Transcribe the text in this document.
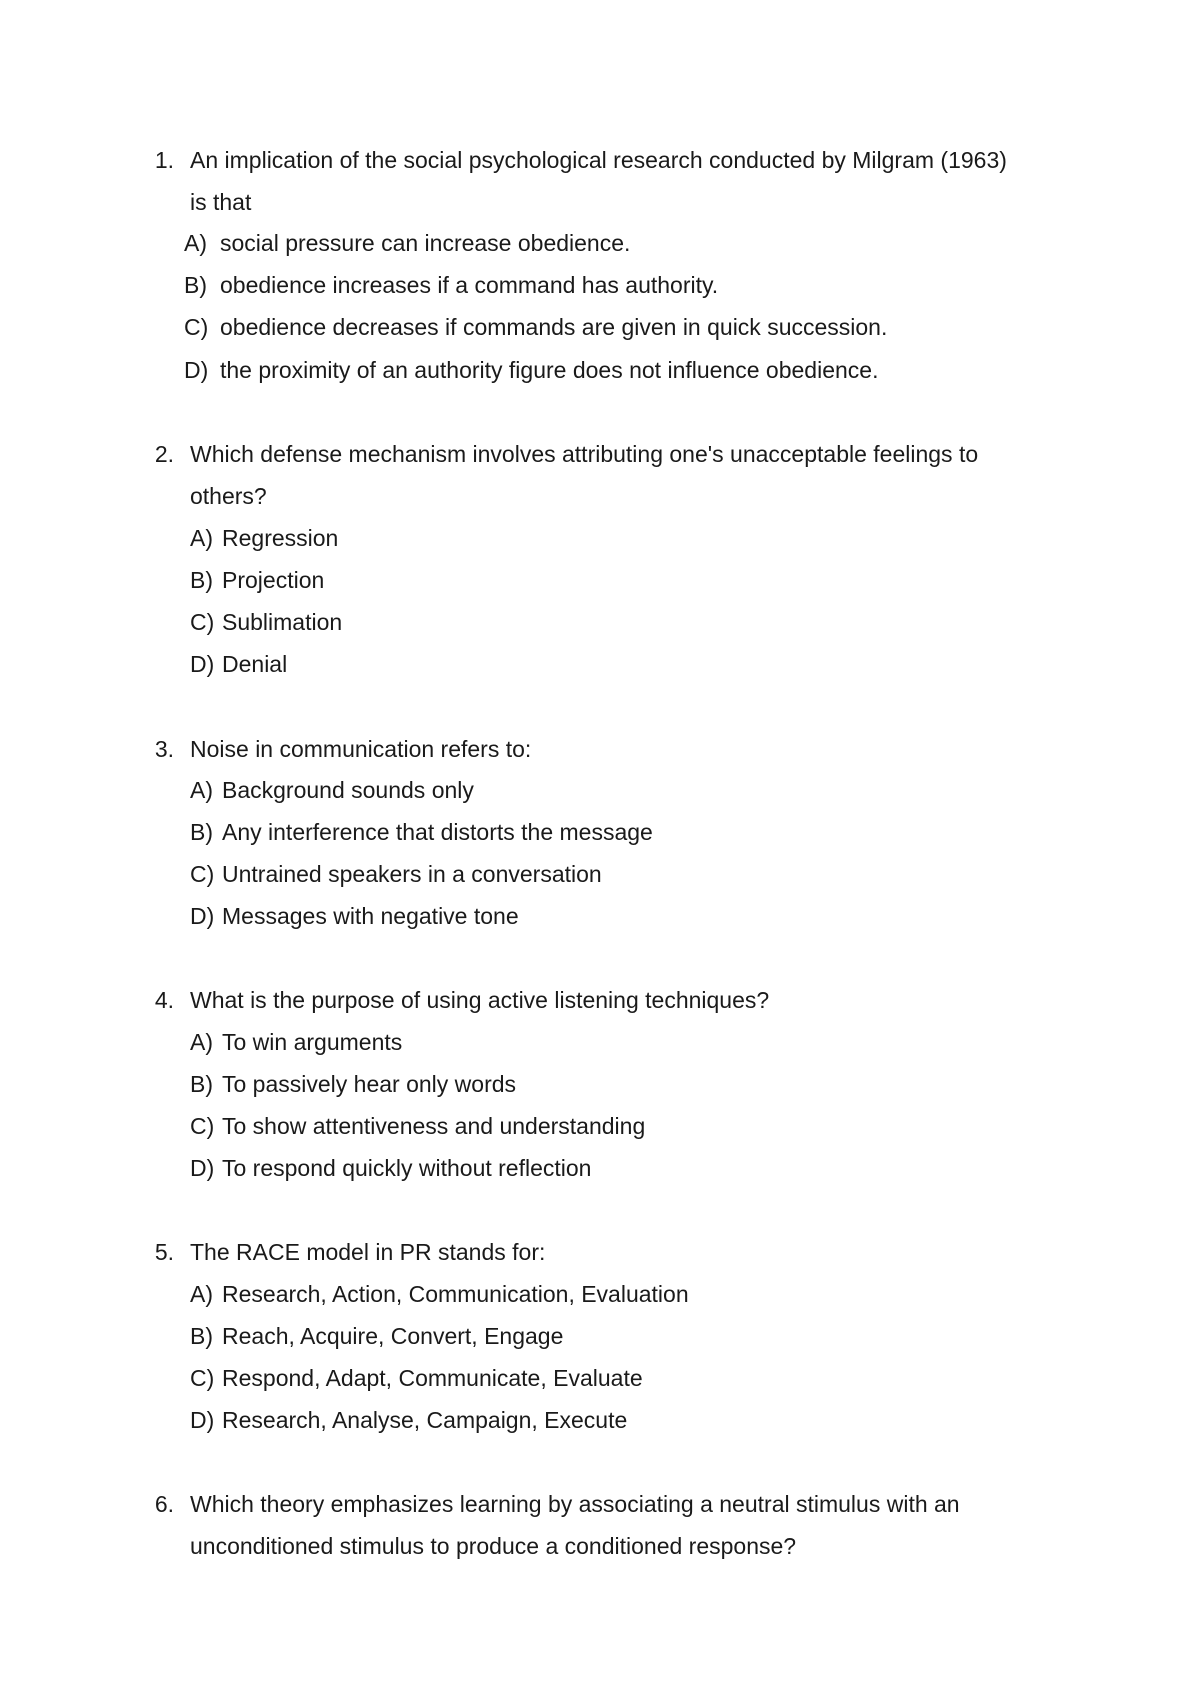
1. An implication of the social psychological research conducted by Milgram (1963)
is that
A) social pressure can increase obedience.
B) obedience increases if a command has authority.
C) obedience decreases if commands are given in quick succession.
D) the proximity of an authority figure does not influence obedience.
2. Which defense mechanism involves attributing one's unacceptable feelings to
others?
A) Regression
B) Projection
C) Sublimation
D) Denial
3. Noise in communication refers to:
A) Background sounds only
B) Any interference that distorts the message
C) Untrained speakers in a conversation
D) Messages with negative tone
4. What is the purpose of using active listening techniques?
A) To win arguments
B) To passively hear only words
C) To show attentiveness and understanding
D) To respond quickly without reflection
5. The RACE model in PR stands for:
A) Research, Action, Communication, Evaluation
B) Reach, Acquire, Convert, Engage
C) Respond, Adapt, Communicate, Evaluate
D) Research, Analyse, Campaign, Execute
6. Which theory emphasizes learning by associating a neutral stimulus with an
unconditioned stimulus to produce a conditioned response?
